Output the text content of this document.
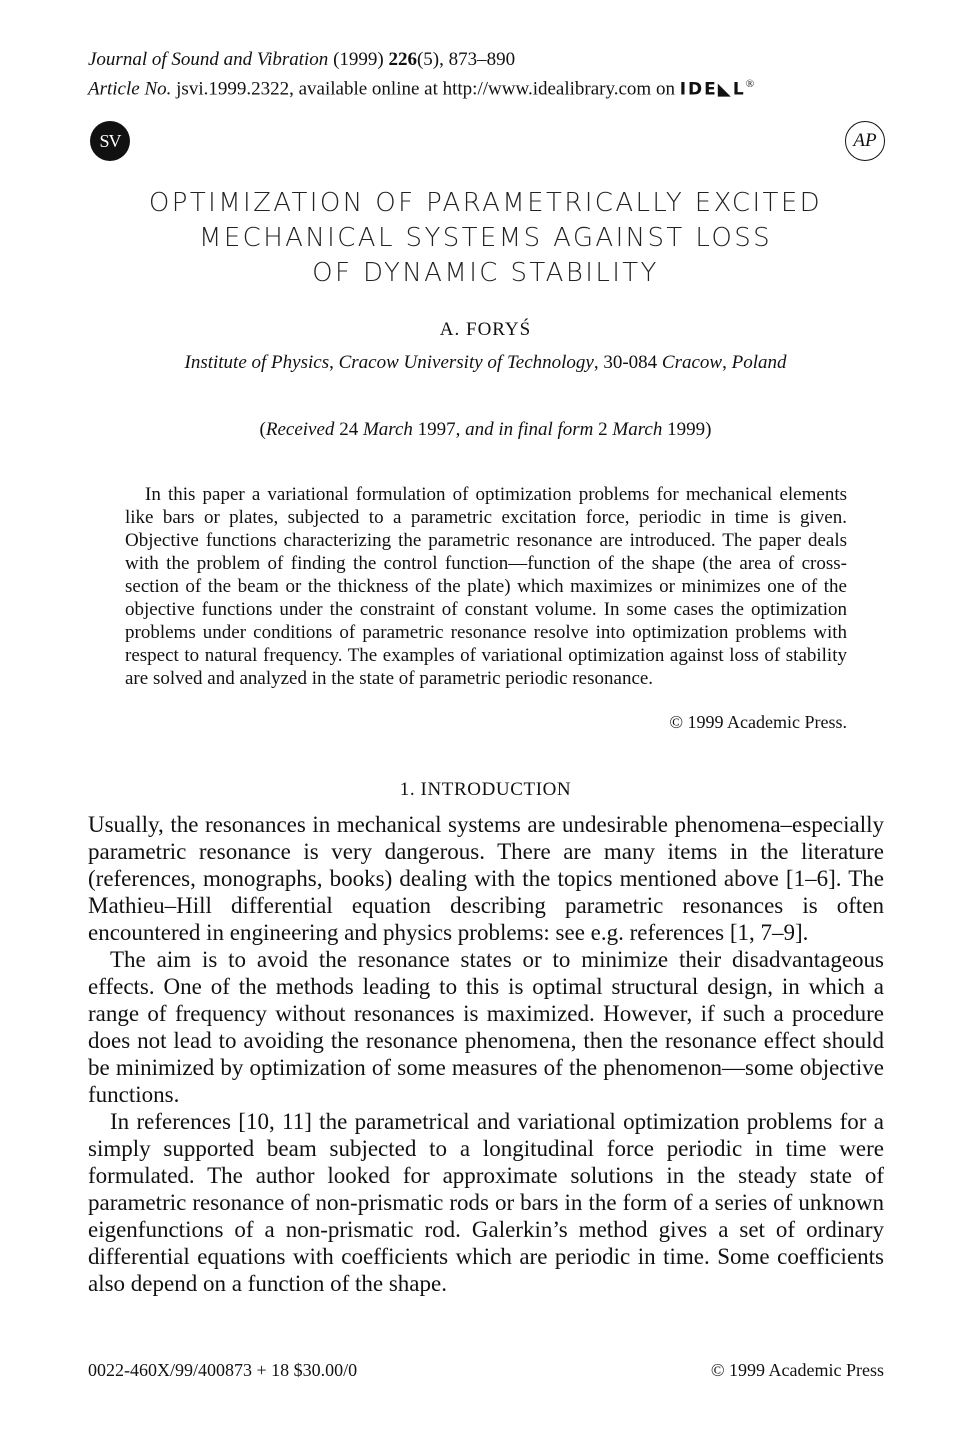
Journal of Sound and Vibration (1999) 226(5), 873–890
Article No. jsvi.1999.2322, available online at http://www.idealibrary.com on IDE◣L®
SV	AP
OPTIMIZATION OF PARAMETRICALLY EXCITED
MECHANICAL SYSTEMS AGAINST LOSS
OF DYNAMIC STABILITY
A. FORYŚ
Institute of Physics, Cracow University of Technology, 30-084 Cracow, Poland
(Received 24 March 1997, and in final form 2 March 1999)
In this paper a variational formulation of optimization problems for mechanical elements like bars or plates, subjected to a parametric excitation force, periodic in time is given. Objective functions characterizing the parametric resonance are introduced. The paper deals with the problem of finding the control function—function of the shape (the area of cross-section of the beam or the thickness of the plate) which maximizes or minimizes one of the objective functions under the constraint of constant volume. In some cases the optimization problems under conditions of parametric resonance resolve into optimization problems with respect to natural frequency. The examples of variational optimization against loss of stability are solved and analyzed in the state of parametric periodic resonance.
© 1999 Academic Press.
1. INTRODUCTION

Usually, the resonances in mechanical systems are undesirable phenomena–especially parametric resonance is very dangerous. There are many items in the literature (references, monographs, books) dealing with the topics mentioned above [1–6]. The Mathieu–Hill differential equation describing parametric resonances is often encountered in engineering and physics problems: see e.g. references [1, 7–9].

The aim is to avoid the resonance states or to minimize their disadvantageous effects. One of the methods leading to this is optimal structural design, in which a range of frequency without resonances is maximized. However, if such a procedure does not lead to avoiding the resonance phenomena, then the resonance effect should be minimized by optimization of some measures of the phenomenon—some objective functions.

In references [10, 11] the parametrical and variational optimization problems for a simply supported beam subjected to a longitudinal force periodic in time were formulated. The author looked for approximate solutions in the steady state of parametric resonance of non-prismatic rods or bars in the form of a series of unknown eigenfunctions of a non-prismatic rod. Galerkin’s method gives a set of ordinary differential equations with coefficients which are periodic in time. Some coefficients also depend on a function of the shape.

0022-460X/99/400873 + 18 $30.00/0	© 1999 Academic Press
